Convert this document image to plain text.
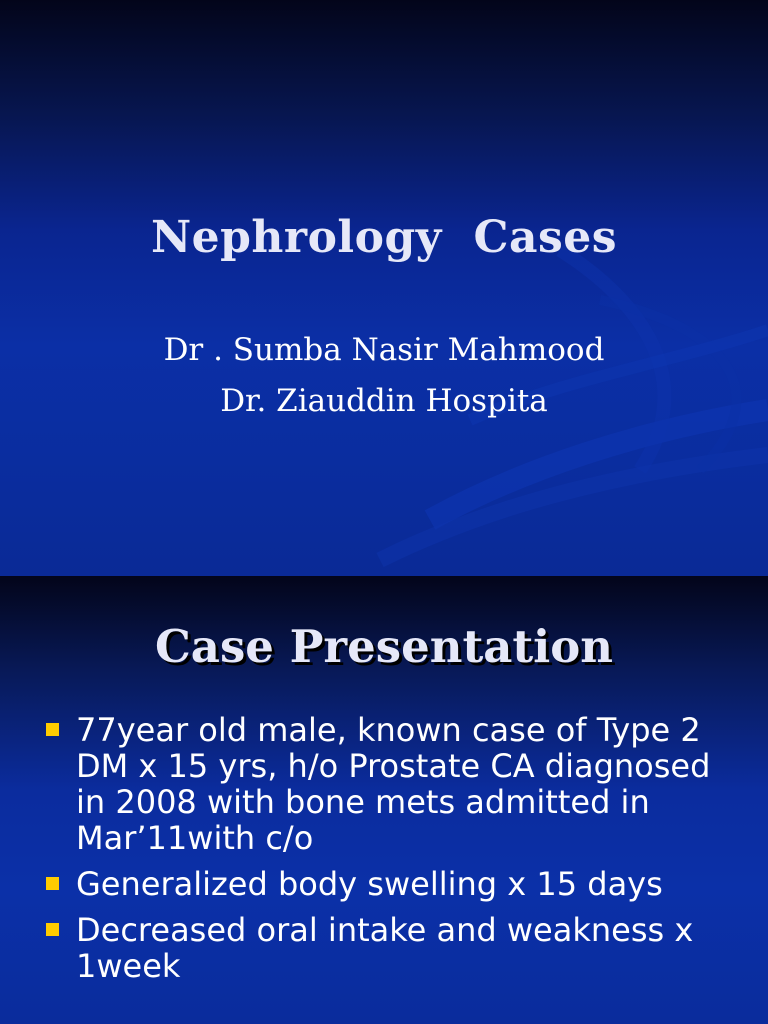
Nephrology  Cases
Dr . Sumba Nasir Mahmood
Dr. Ziauddin Hospita
Case Presentation
77year old male, known case of Type 2 DM x 15 yrs, h/o Prostate CA diagnosed in 2008 with bone mets admitted in Mar’11with c/o
Generalized body swelling x 15 days
Decreased oral intake and weakness x 1week
